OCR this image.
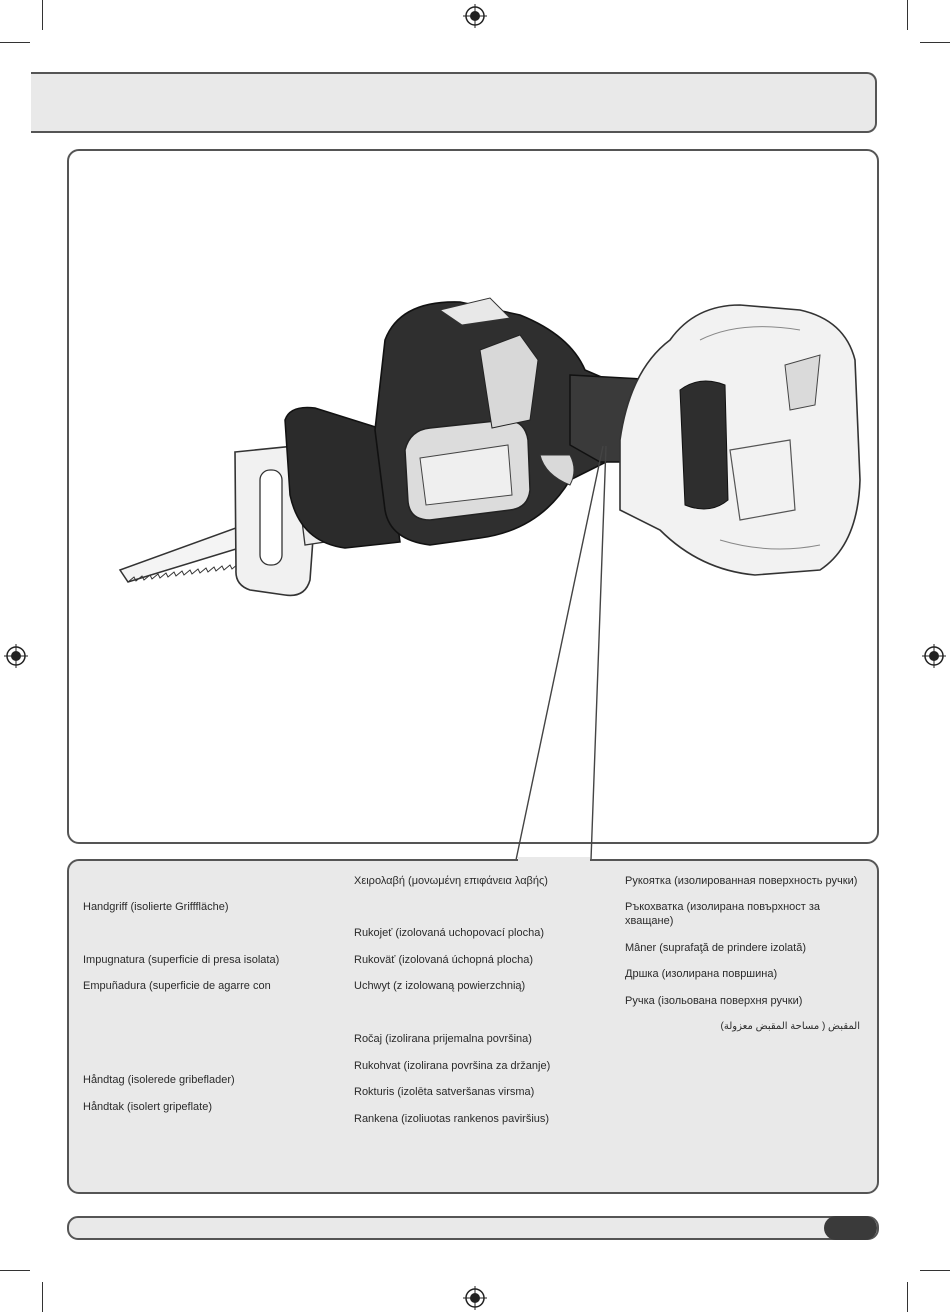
Handgriff (isolierte Grifffläche)
Impugnatura (superficie di presa isolata)
Empuñadura (superficie de agarre con
Håndtag (isolerede gribeflader)
Håndtak (isolert gripeflate)
Χειρολαβή (μονωμένη επιφάνεια λαβής)
Rukojeť (izolovaná uchopovací plocha)
Rukoväť (izolovaná úchopná plocha)
Uchwyt (z izolowaną powierzchnią)
Ročaj (izolirana prijemalna površina)
Rukohvat (izolirana površina za držanje)
Rokturis (izolēta satveršanas virsma)
Rankena (izoliuotas rankenos paviršius)
Рукоятка (изолированная поверхность ручки)
Ръкохватка (изолирана повърхност за хващане)
Mâner (suprafaţă de prindere izolată)
Дршка (изолирана површина)
Ручка (ізольована поверхня ручки)
المقبض ( مساحة المقبض معزولة)
